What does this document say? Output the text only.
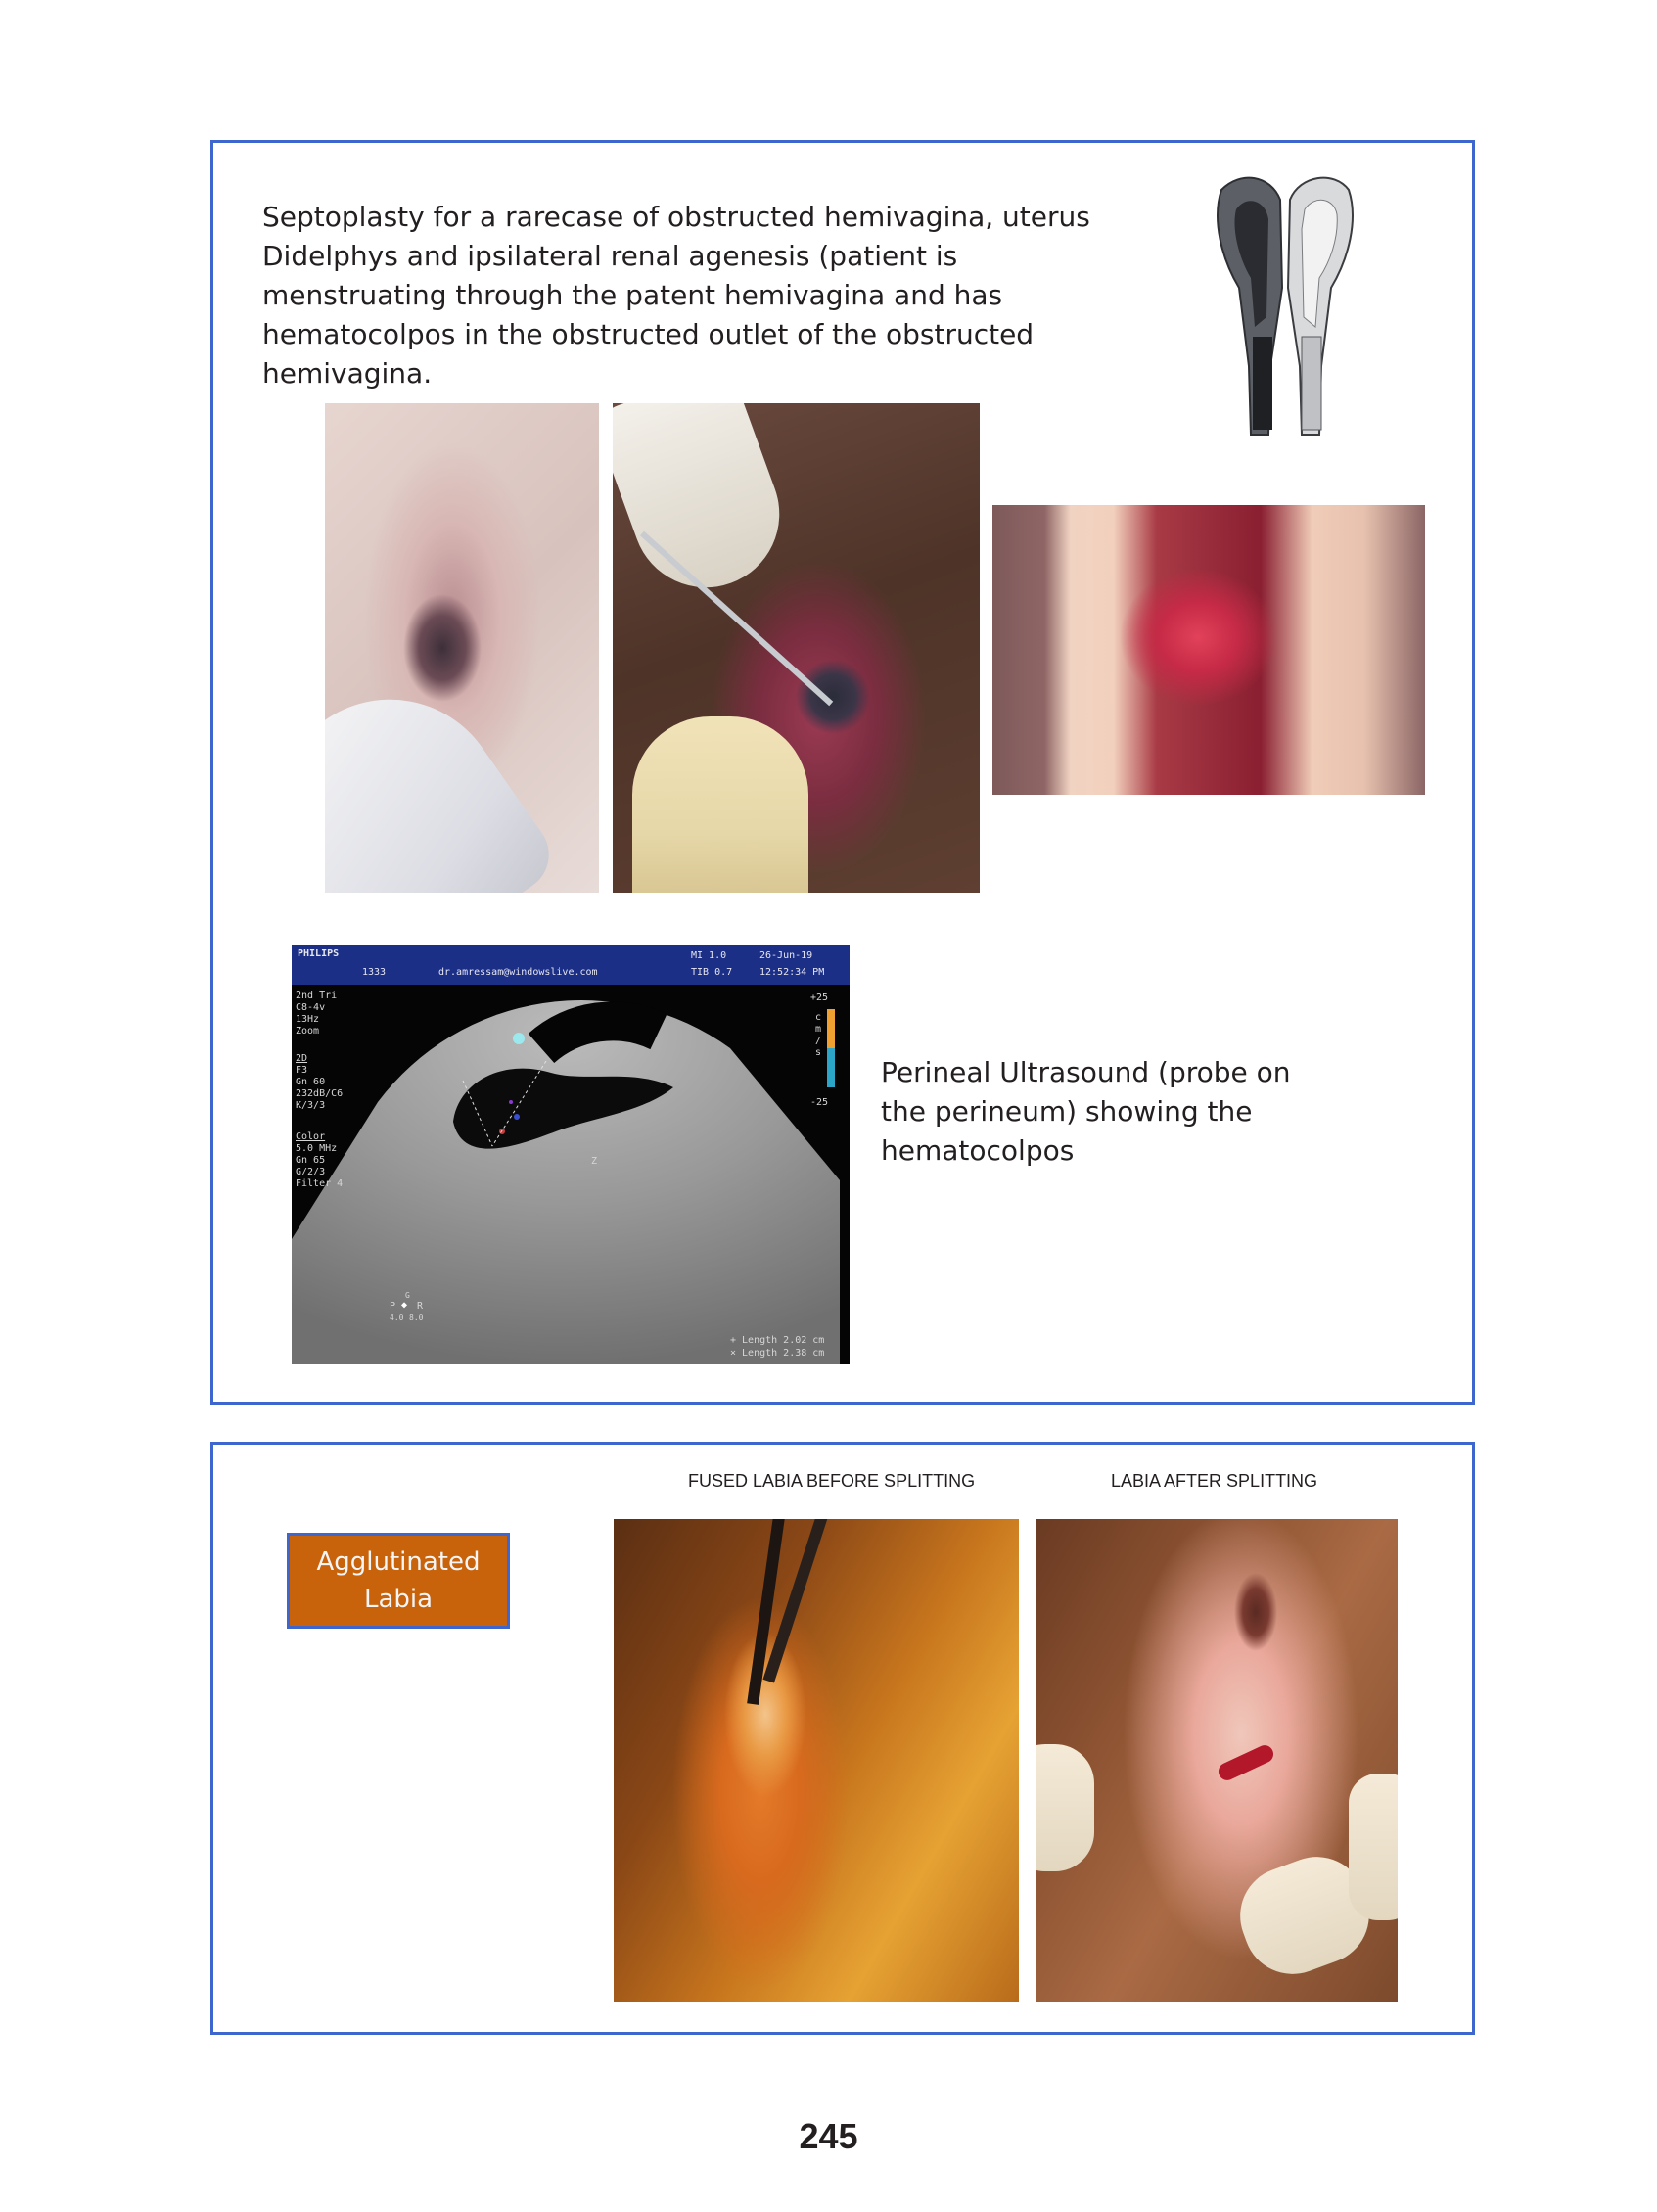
Septoplasty for a rarecase of obstructed hemivagina, uterus Didelphys and ipsilateral renal agenesis (patient is menstruating through the patent hemivagina and has hematocolpos in the obstructed outlet of the obstructed hemivagina.

PHILIPS
1333	dr.amressam@windowslive.com
MI 1.0
TIB 0.7
26-Jun-19
12:52:34 PM
2nd Tri
C8-4v
13Hz
Zoom
2D
F3
Gn 60
232dB/C6
K/3/3
Color
5.0 MHz
Gn 65
G/2/3
Filter 4
+25
-25
c
m
/
s
Z
G
P ◆ R
4.0 8.0
+ Length 2.02 cm
× Length 2.38 cm

Perineal Ultrasound (probe on the perineum) showing the hematocolpos

Agglutinated
Labia
FUSED LABIA BEFORE SPLITTING	LABIA AFTER SPLITTING
245
